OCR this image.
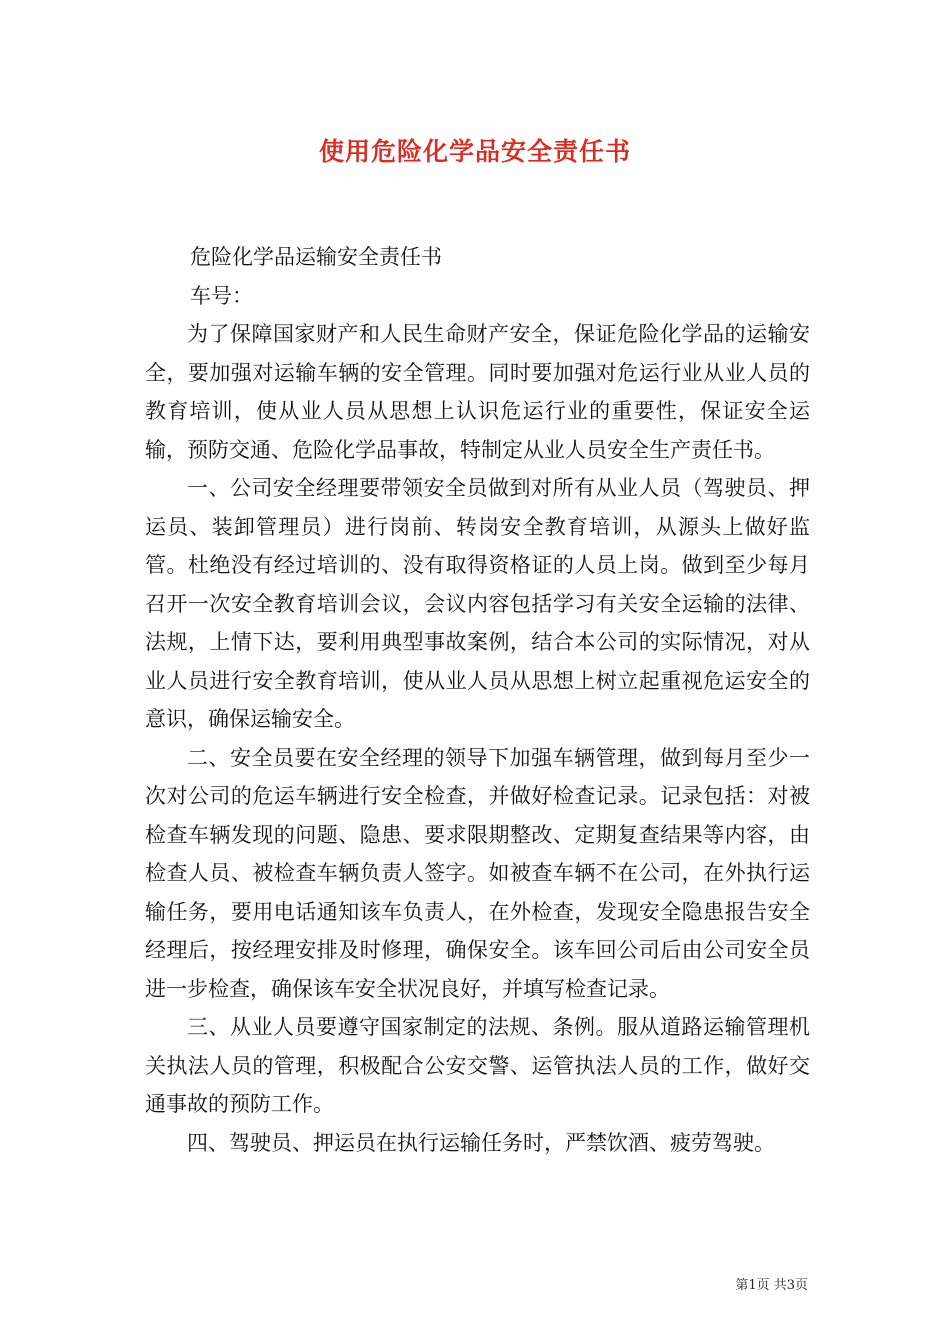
使用危险化学品安全责任书

危险化学品运输安全责任书

车号：

为了保障国家财产和人民生命财产安全，保证危险化学品的运输安全，要加强对运输车辆的安全管理。同时要加强对危运行业从业人员的教育培训，使从业人员从思想上认识危运行业的重要性，保证安全运输，预防交通、危险化学品事故，特制定从业人员安全生产责任书。

一、公司安全经理要带领安全员做到对所有从业人员（驾驶员、押运员、装卸管理员）进行岗前、转岗安全教育培训，从源头上做好监管。杜绝没有经过培训的、没有取得资格证的人员上岗。做到至少每月召开一次安全教育培训会议，会议内容包括学习有关安全运输的法律、法规，上情下达，要利用典型事故案例，结合本公司的实际情况，对从业人员进行安全教育培训，使从业人员从思想上树立起重视危运安全的意识，确保运输安全。

二、安全员要在安全经理的领导下加强车辆管理，做到每月至少一次对公司的危运车辆进行安全检查，并做好检查记录。记录包括：对被检查车辆发现的问题、隐患、要求限期整改、定期复查结果等内容，由检查人员、被检查车辆负责人签字。如被查车辆不在公司，在外执行运输任务，要用电话通知该车负责人，在外检查，发现安全隐患报告安全经理后，按经理安排及时修理，确保安全。该车回公司后由公司安全员进一步检查，确保该车安全状况良好，并填写检查记录。

三、从业人员要遵守国家制定的法规、条例。服从道路运输管理机关执法人员的管理，积极配合公安交警、运管执法人员的工作，做好交通事故的预防工作。

四、驾驶员、押运员在执行运输任务时，严禁饮酒、疲劳驾驶。

第1页 共3页
